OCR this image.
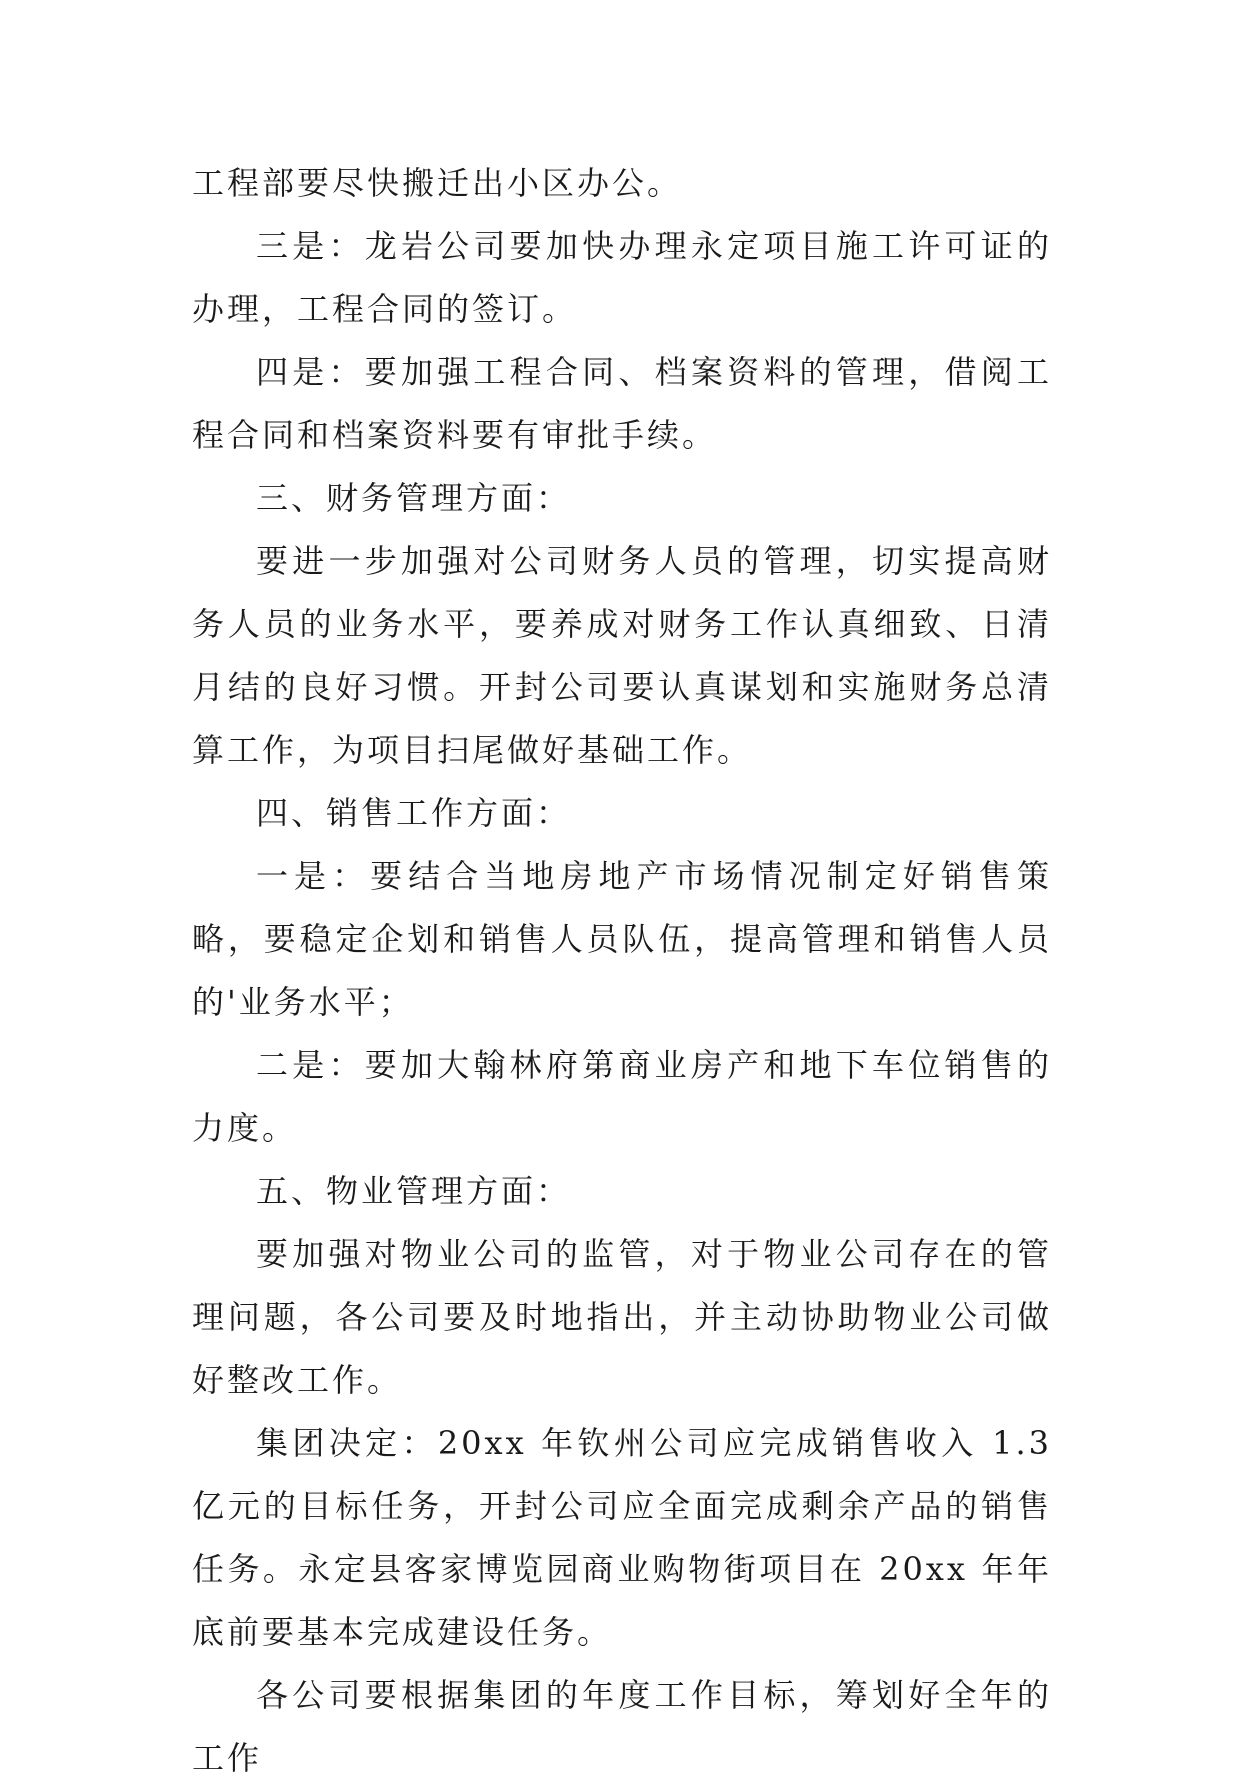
工程部要尽快搬迁出小区办公。

三是：龙岩公司要加快办理永定项目施工许可证的办理，工程合同的签订。

四是：要加强工程合同、档案资料的管理，借阅工程合同和档案资料要有审批手续。

三、财务管理方面：

要进一步加强对公司财务人员的管理，切实提高财务人员的业务水平，要养成对财务工作认真细致、日清月结的良好习惯。开封公司要认真谋划和实施财务总清算工作，为项目扫尾做好基础工作。

四、销售工作方面：

一是：要结合当地房地产市场情况制定好销售策略，要稳定企划和销售人员队伍，提高管理和销售人员的'业务水平；

二是：要加大翰林府第商业房产和地下车位销售的力度。

五、物业管理方面：

要加强对物业公司的监管，对于物业公司存在的管理问题，各公司要及时地指出，并主动协助物业公司做好整改工作。

集团决定：20xx 年钦州公司应完成销售收入 1.3 亿元的目标任务，开封公司应全面完成剩余产品的销售任务。永定县客家博览园商业购物街项目在 20xx 年年底前要基本完成建设任务。

各公司要根据集团的年度工作目标，筹划好全年的工作
